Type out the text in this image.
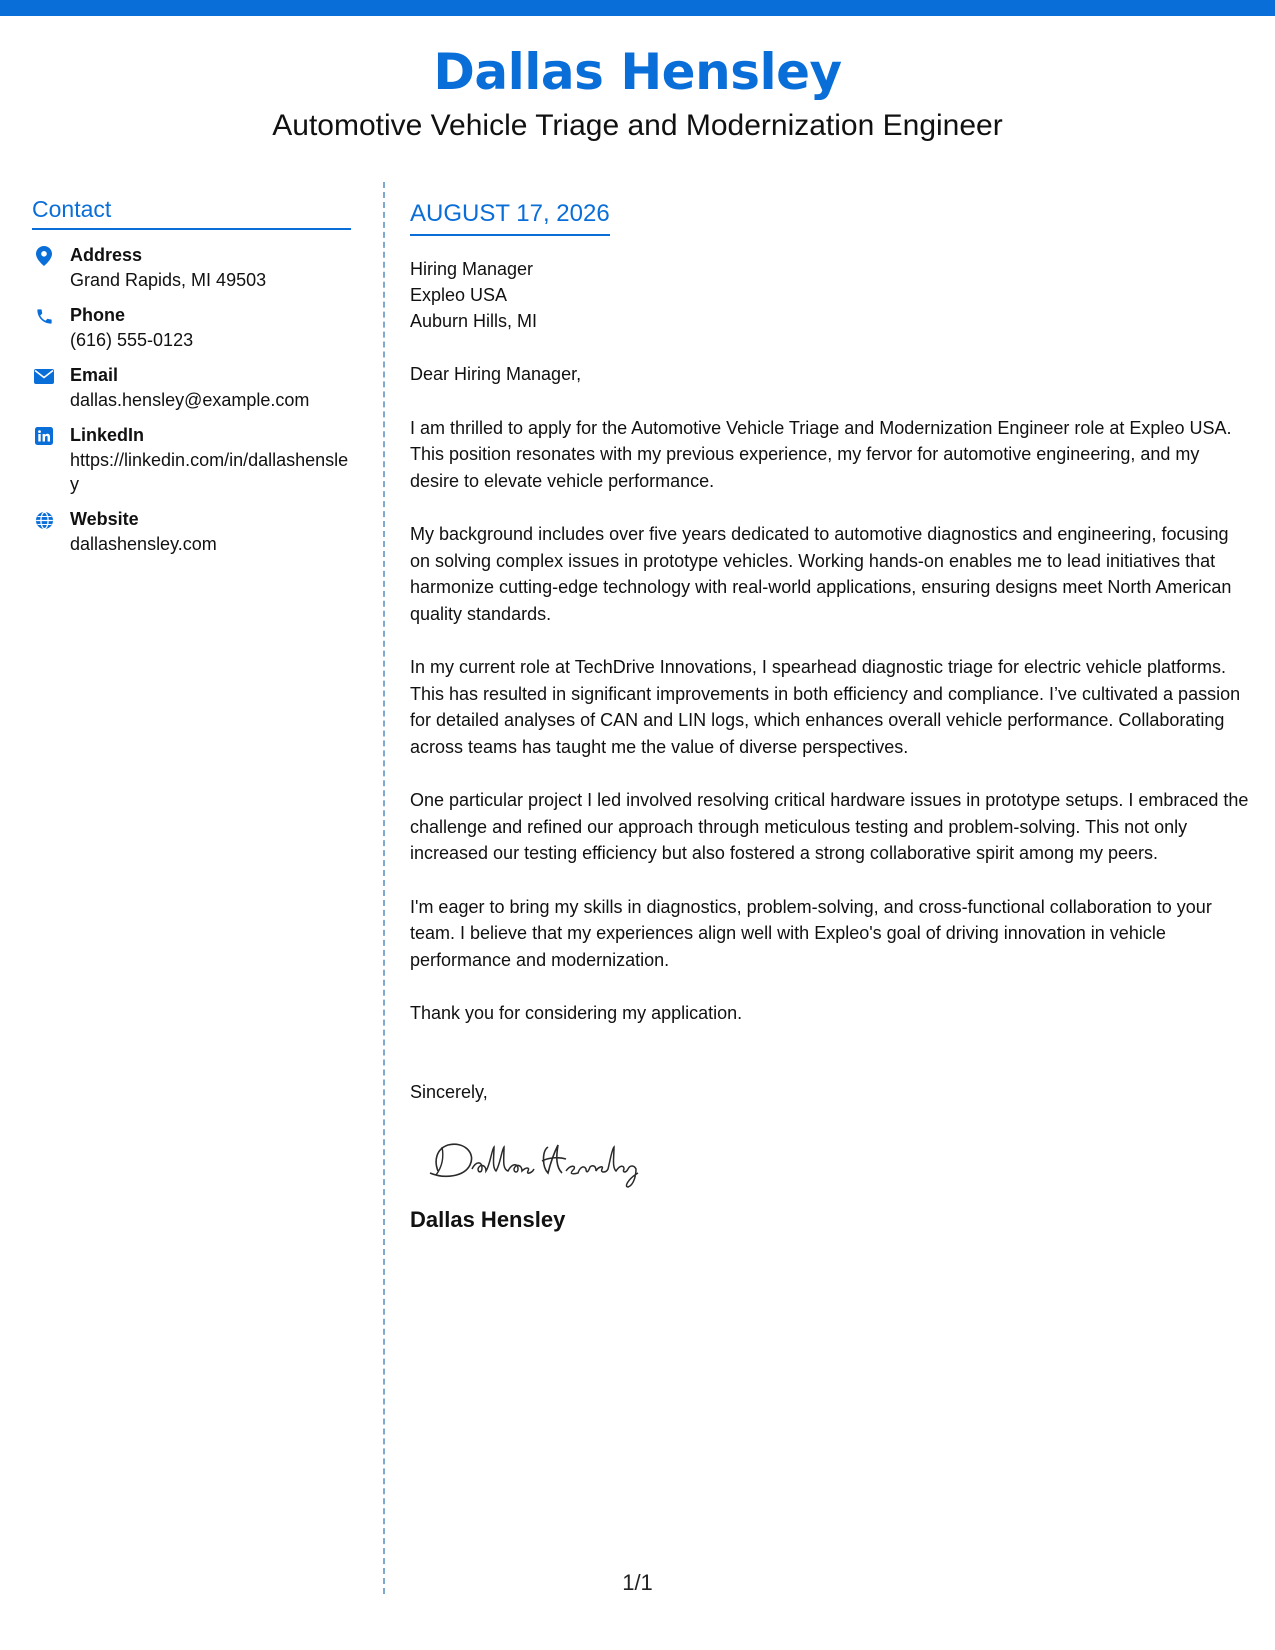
Dallas Hensley
Automotive Vehicle Triage and Modernization Engineer
Contact
Address
Grand Rapids, MI 49503
Phone
(616) 555-0123
Email
dallas.hensley@example.com
LinkedIn
https://linkedin.com/in/dallashensley
Website
dallashensley.com
AUGUST 17, 2026
Hiring Manager
Expleo USA
Auburn Hills, MI

Dear Hiring Manager,

I am thrilled to apply for the Automotive Vehicle Triage and Modernization Engineer role at Expleo USA. This position resonates with my previous experience, my fervor for automotive engineering, and my desire to elevate vehicle performance.

My background includes over five years dedicated to automotive diagnostics and engineering, focusing on solving complex issues in prototype vehicles. Working hands-on enables me to lead initiatives that harmonize cutting-edge technology with real-world applications, ensuring designs meet North American quality standards.

In my current role at TechDrive Innovations, I spearhead diagnostic triage for electric vehicle platforms. This has resulted in significant improvements in both efficiency and compliance. I’ve cultivated a passion for detailed analyses of CAN and LIN logs, which enhances overall vehicle performance. Collaborating across teams has taught me the value of diverse perspectives.

One particular project I led involved resolving critical hardware issues in prototype setups. I embraced the challenge and refined our approach through meticulous testing and problem-solving. This not only increased our testing efficiency but also fostered a strong collaborative spirit among my peers.

I'm eager to bring my skills in diagnostics, problem-solving, and cross-functional collaboration to your team. I believe that my experiences align well with Expleo's goal of driving innovation in vehicle performance and modernization.

Thank you for considering my application.

Sincerely,
Dallas Hensley
1/1
